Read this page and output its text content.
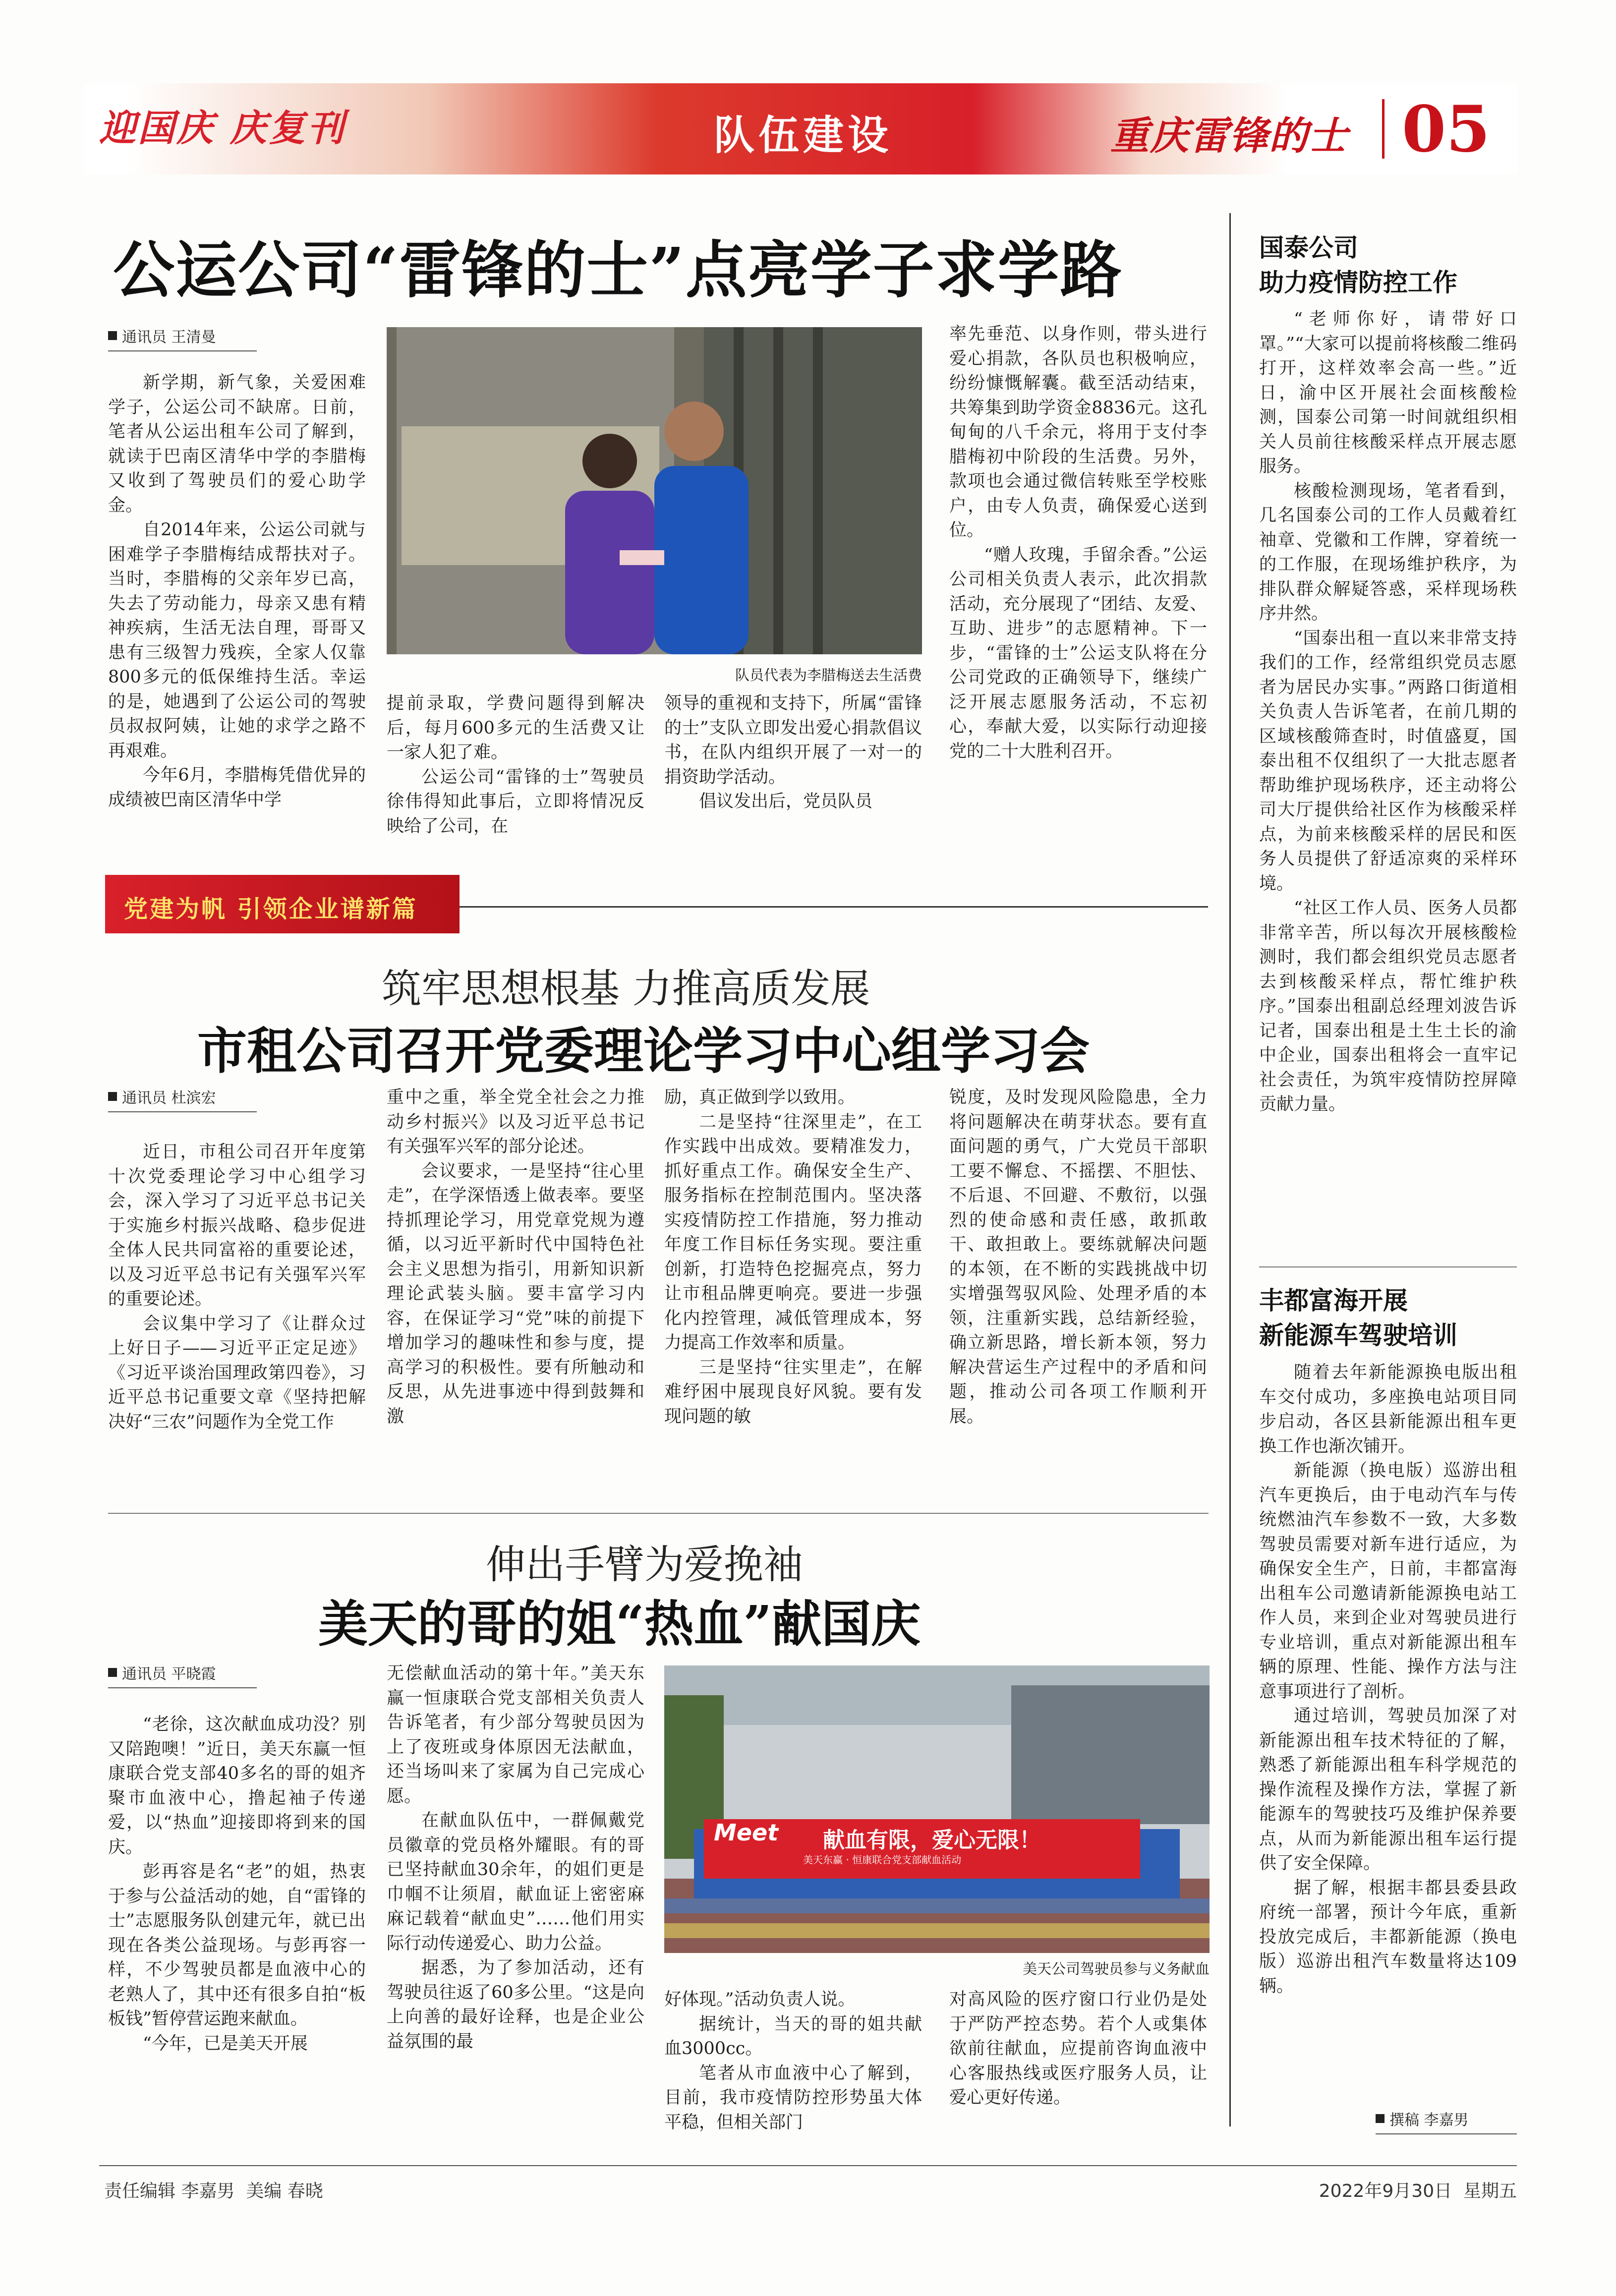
迎国庆 庆复刊	队伍建设	重庆雷锋的士 05
公运公司“雷锋的士”点亮学子求学路
通讯员 王清曼

新学期，新气象，关爱困难学子，公运公司不缺席。日前，笔者从公运出租车公司了解到，就读于巴南区清华中学的李腊梅又收到了驾驶员们的爱心助学金。

自2014年来，公运公司就与困难学子李腊梅结成帮扶对子。当时，李腊梅的父亲年岁已高，失去了劳动能力，母亲又患有精神疾病，生活无法自理，哥哥又患有三级智力残疾，全家人仅靠800多元的低保维持生活。幸运的是，她遇到了公运公司的驾驶员叔叔阿姨，让她的求学之路不再艰难。

今年6月，李腊梅凭借优异的成绩被巴南区清华中学

队员代表为李腊梅送去生活费

提前录取，学费问题得到解决后，每月600多元的生活费又让一家人犯了难。

公运公司“雷锋的士”驾驶员徐伟得知此事后，立即将情况反映给了公司，在

领导的重视和支持下，所属“雷锋的士”支队立即发出爱心捐款倡议书，在队内组织开展了一对一的捐资助学活动。

倡议发出后，党员队员

率先垂范、以身作则，带头进行爱心捐款，各队员也积极响应，纷纷慷慨解囊。截至活动结束，共筹集到助学资金8836元。这孔甸甸的八千余元，将用于支付李腊梅初中阶段的生活费。另外，款项也会通过微信转账至学校账户，由专人负责，确保爱心送到位。

“赠人玫瑰，手留余香。”公运公司相关负责人表示，此次捐款活动，充分展现了“团结、友爱、互助、进步”的志愿精神。下一步，“雷锋的士”公运支队将在分公司党政的正确领导下，继续广泛开展志愿服务活动，不忘初心，奉献大爱，以实际行动迎接党的二十大胜利召开。

党建为帆 引领企业谱新篇
筑牢思想根基 力推高质发展
市租公司召开党委理论学习中心组学习会
通讯员 杜滨宏

近日，市租公司召开年度第十次党委理论学习中心组学习会，深入学习了习近平总书记关于实施乡村振兴战略、稳步促进全体人民共同富裕的重要论述，以及习近平总书记有关强军兴军的重要论述。

会议集中学习了《让群众过上好日子——习近平正定足迹》《习近平谈治国理政第四卷》，习近平总书记重要文章《坚持把解决好“三农”问题作为全党工作

重中之重，举全党全社会之力推动乡村振兴》以及习近平总书记有关强军兴军的部分论述。

会议要求，一是坚持“往心里走”，在学深悟透上做表率。要坚持抓理论学习，用党章党规为遵循，以习近平新时代中国特色社会主义思想为指引，用新知识新理论武装头脑。要丰富学习内容，在保证学习“党”味的前提下增加学习的趣味性和参与度，提高学习的积极性。要有所触动和反思，从先进事迹中得到鼓舞和激

励，真正做到学以致用。

二是坚持“往深里走”，在工作实践中出成效。要精准发力，抓好重点工作。确保安全生产、服务指标在控制范围内。坚决落实疫情防控工作措施，努力推动年度工作目标任务实现。要注重创新，打造特色挖掘亮点，努力让市租品牌更响亮。要进一步强化内控管理，减低管理成本，努力提高工作效率和质量。

三是坚持“往实里走”，在解难纾困中展现良好风貌。要有发现问题的敏

锐度，及时发现风险隐患，全力将问题解决在萌芽状态。要有直面问题的勇气，广大党员干部职工要不懈怠、不摇摆、不胆怯、不后退、不回避、不敷衍，以强烈的使命感和责任感，敢抓敢干、敢担敢上。要练就解决问题的本领，在不断的实践挑战中切实增强驾驭风险、处理矛盾的本领，注重新实践，总结新经验，确立新思路，增长新本领，努力解决营运生产过程中的矛盾和问题，推动公司各项工作顺利开展。

伸出手臂为爱挽袖
美天的哥的姐“热血”献国庆
通讯员 平晓霞

“老徐，这次献血成功没？别又陪跑噢！”近日，美天东赢一恒康联合党支部40多名的哥的姐齐聚市血液中心，撸起袖子传递爱，以“热血”迎接即将到来的国庆。

彭再容是名“老”的姐，热衷于参与公益活动的她，自“雷锋的士”志愿服务队创建元年，就已出现在各类公益现场。与彭再容一样，不少驾驶员都是血液中心的老熟人了，其中还有很多自拍“板板钱”暂停营运跑来献血。

“今年，已是美天开展

无偿献血活动的第十年。”美天东赢一恒康联合党支部相关负责人告诉笔者，有少部分驾驶员因为上了夜班或身体原因无法献血，还当场叫来了家属为自己完成心愿。

在献血队伍中，一群佩戴党员徽章的党员格外耀眼。有的哥已坚持献血30余年，的姐们更是巾帼不让须眉，献血证上密密麻麻记载着“献血史”……他们用实际行动传递爱心、助力公益。

据悉，为了参加活动，还有驾驶员往返了60多公里。“这是向上向善的最好诠释，也是企业公益氛围的最

Meet 献血有限，爱心无限！
美天东赢 · 恒康联合党支部献血活动
美天公司驾驶员参与义务献血

好体现。”活动负责人说。

据统计，当天的哥的姐共献血3000cc。

笔者从市血液中心了解到，目前，我市疫情防控形势虽大体平稳，但相关部门

对高风险的医疗窗口行业仍是处于严防严控态势。若个人或集体欲前往献血，应提前咨询血液中心客服热线或医疗服务人员，让爱心更好传递。

国泰公司
助力疫情防控工作

“老师你好，请带好口罩。”“大家可以提前将核酸二维码打开，这样效率会高一些。”近日，渝中区开展社会面核酸检测，国泰公司第一时间就组织相关人员前往核酸采样点开展志愿服务。

核酸检测现场，笔者看到，几名国泰公司的工作人员戴着红袖章、党徽和工作牌，穿着统一的工作服，在现场维护秩序，为排队群众解疑答惑，采样现场秩序井然。

“国泰出租一直以来非常支持我们的工作，经常组织党员志愿者为居民办实事。”两路口街道相关负责人告诉笔者，在前几期的区域核酸筛查时，时值盛夏，国泰出租不仅组织了一大批志愿者帮助维护现场秩序，还主动将公司大厅提供给社区作为核酸采样点，为前来核酸采样的居民和医务人员提供了舒适凉爽的采样环境。

“社区工作人员、医务人员都非常辛苦，所以每次开展核酸检测时，我们都会组织党员志愿者去到核酸采样点，帮忙维护秩序。”国泰出租副总经理刘波告诉记者，国泰出租是土生土长的渝中企业，国泰出租将会一直牢记社会责任，为筑牢疫情防控屏障贡献力量。

丰都富海开展
新能源车驾驶培训

随着去年新能源换电版出租车交付成功，多座换电站项目同步启动，各区县新能源出租车更换工作也渐次铺开。

新能源（换电版）巡游出租汽车更换后，由于电动汽车与传统燃油汽车参数不一致，大多数驾驶员需要对新车进行适应，为确保安全生产，日前，丰都富海出租车公司邀请新能源换电站工作人员，来到企业对驾驶员进行专业培训，重点对新能源出租车辆的原理、性能、操作方法与注意事项进行了剖析。

通过培训，驾驶员加深了对新能源出租车技术特征的了解，熟悉了新能源出租车科学规范的操作流程及操作方法，掌握了新能源车的驾驶技巧及维护保养要点，从而为新能源出租车运行提供了安全保障。

据了解，根据丰都县委县政府统一部署，预计今年底，重新投放完成后，丰都新能源（换电版）巡游出租汽车数量将达109辆。

撰稿 李嘉男
责任编辑 李嘉男  美编 春晓	2022年9月30日  星期五
